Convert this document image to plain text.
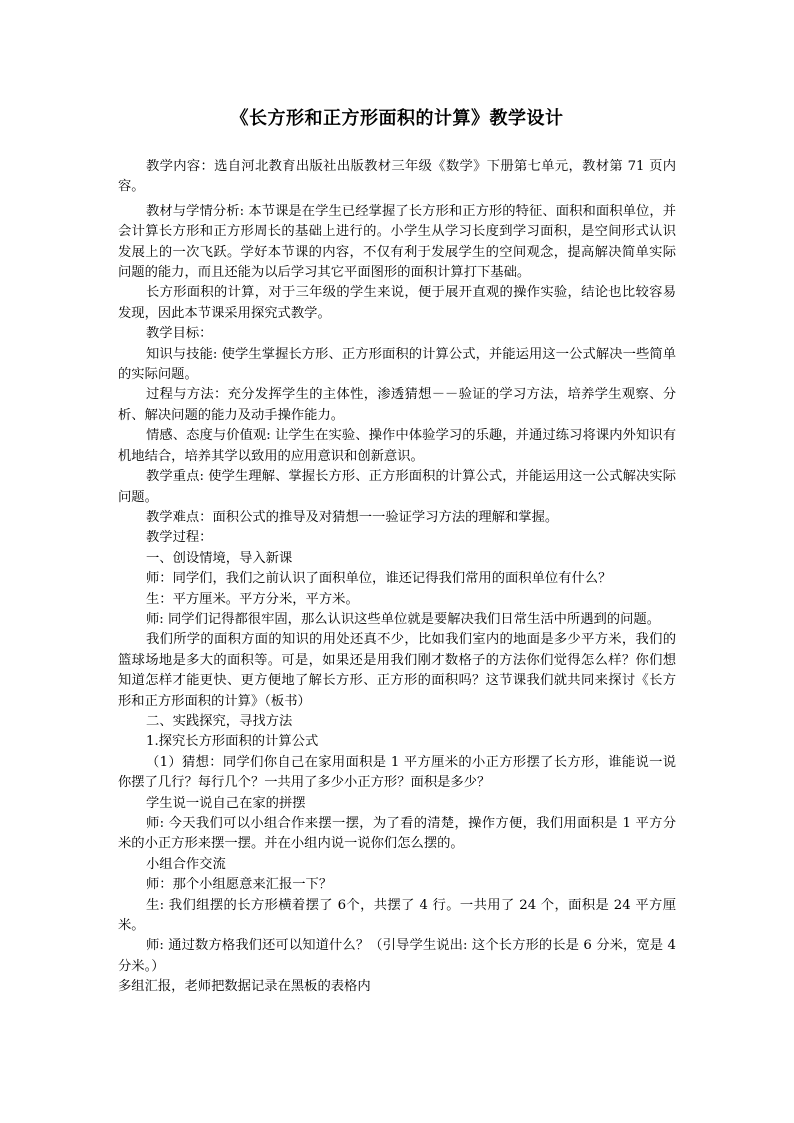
《长方形和正方形面积的计算》教学设计

教学内容：选自河北教育出版社出版教材三年级《数学》下册第七单元，教材第 71 页内容。

教材与学情分析: 本节课是在学生已经掌握了长方形和正方形的特征、面积和面积单位，并会计算长方形和正方形周长的基础上进行的。小学生从学习长度到学习面积，是空间形式认识发展上的一次飞跃。学好本节课的内容，不仅有利于发展学生的空间观念，提高解决简单实际问题的能力，而且还能为以后学习其它平面图形的面积计算打下基础。

长方形面积的计算，对于三年级的学生来说，便于展开直观的操作实验，结论也比较容易发现，因此本节课采用探究式教学。

教学目标：

知识与技能: 使学生掌握长方形、正方形面积的计算公式，并能运用这一公式解决一些简单的实际问题。

过程与方法：充分发挥学生的主体性，渗透猜想－－验证的学习方法，培养学生观察、分析、解决问题的能力及动手操作能力。

情感、态度与价值观: 让学生在实验、操作中体验学习的乐趣，并通过练习将课内外知识有机地结合，培养其学以致用的应用意识和创新意识。

教学重点: 使学生理解、掌握长方形、正方形面积的计算公式，并能运用这一公式解决实际问题。

教学难点：面积公式的推导及对猜想一一验证学习方法的理解和掌握。

教学过程：

一、创设情境，导入新课

师：同学们，我们之前认识了面积单位，谁还记得我们常用的面积单位有什么？

生：平方厘米。平方分米，平方米。

师: 同学们记得都很牢固，那么认识这些单位就是要解决我们日常生活中所遇到的问题。

我们所学的面积方面的知识的用处还真不少，比如我们室内的地面是多少平方米，我们的篮球场地是多大的面积等。可是，如果还是用我们刚才数格子的方法你们觉得怎么样？你们想知道怎样才能更快、更方便地了解长方形、正方形的面积吗？这节课我们就共同来探讨《长方形和正方形面积的计算》（板书）

二、实践探究，寻找方法

1.探究长方形面积的计算公式

（1）猜想：同学们你自己在家用面积是 1 平方厘米的小正方形摆了长方形，谁能说一说你摆了几行？每行几个？一共用了多少小正方形？面积是多少？

学生说一说自己在家的拼摆

师: 今天我们可以小组合作来摆一摆，为了看的清楚，操作方便，我们用面积是 1 平方分米的小正方形来摆一摆。并在小组内说一说你们怎么摆的。

小组合作交流

师：那个小组愿意来汇报一下？

生: 我们组摆的长方形横着摆了 6个，共摆了 4 行。一共用了 24 个，面积是 24 平方厘米。

师: 通过数方格我们还可以知道什么？（引导学生说出: 这个长方形的长是 6 分米，宽是 4分米。）

多组汇报，老师把数据记录在黑板的表格内
